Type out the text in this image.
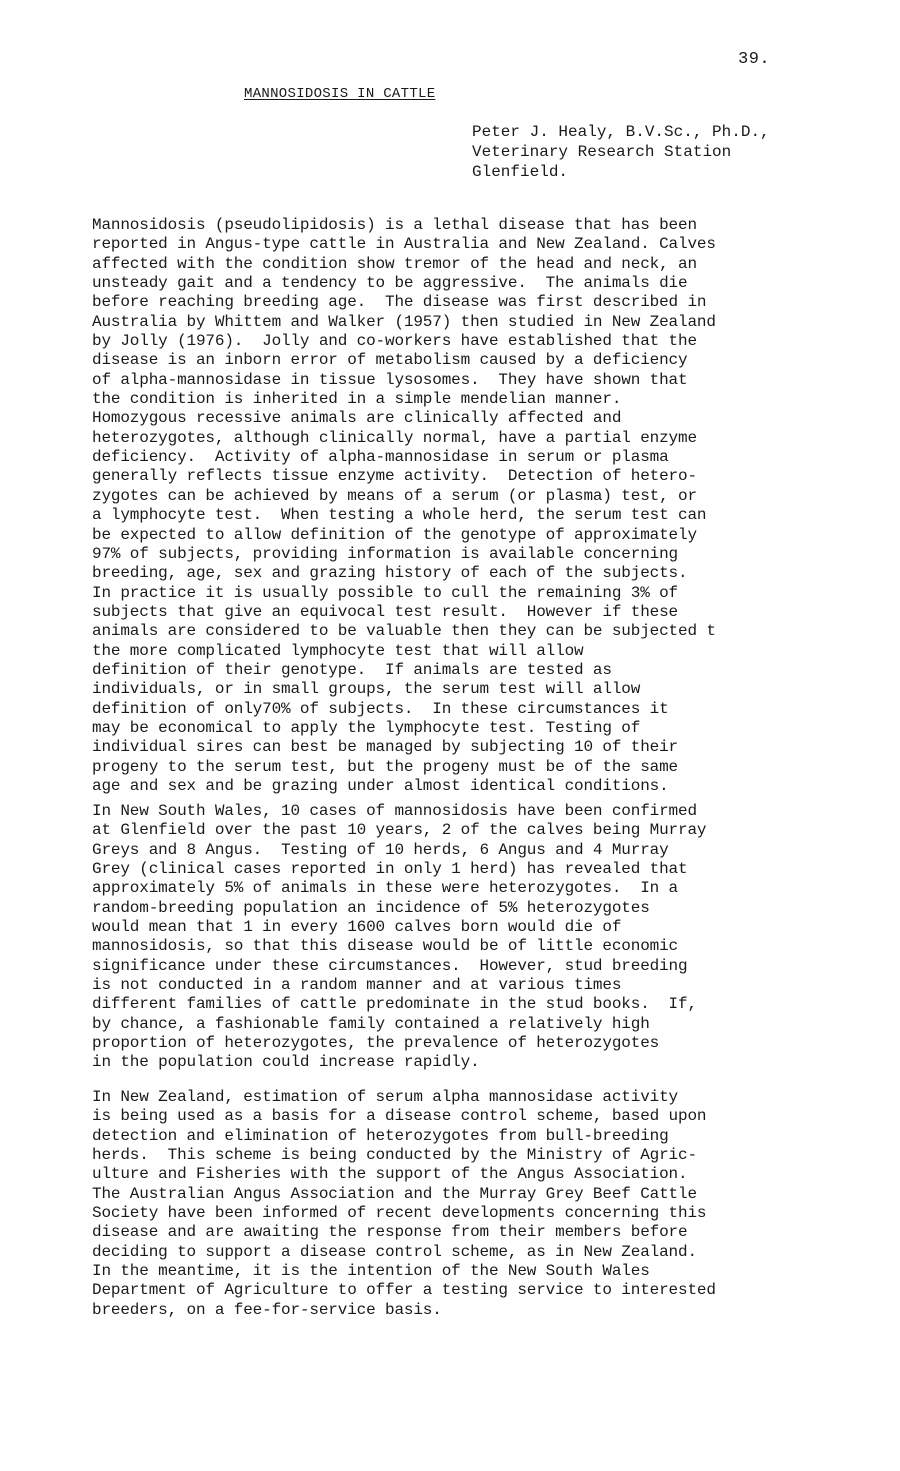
39.
MANNOSIDOSIS IN CATTLE
Peter J. Healy, B.V.Sc., Ph.D.,
Veterinary Research Station
Glenfield.
Mannosidosis (pseudolipidosis) is a lethal disease that has been
reported in Angus-type cattle in Australia and New Zealand. Calves
affected with the condition show tremor of the head and neck, an
unsteady gait and a tendency to be aggressive.  The animals die
before reaching breeding age.  The disease was first described in
Australia by Whittem and Walker (1957) then studied in New Zealand
by Jolly (1976).  Jolly and co-workers have established that the
disease is an inborn error of metabolism caused by a deficiency
of alpha-mannosidase in tissue lysosomes.  They have shown that
the condition is inherited in a simple mendelian manner.
Homozygous recessive animals are clinically affected and
heterozygotes, although clinically normal, have a partial enzyme
deficiency.  Activity of alpha-mannosidase in serum or plasma
generally reflects tissue enzyme activity.  Detection of hetero-
zygotes can be achieved by means of a serum (or plasma) test, or
a lymphocyte test.  When testing a whole herd, the serum test can
be expected to allow definition of the genotype of approximately
97% of subjects, providing information is available concerning
breeding, age, sex and grazing history of each of the subjects.
In practice it is usually possible to cull the remaining 3% of
subjects that give an equivocal test result.  However if these
animals are considered to be valuable then they can be subjected t
the more complicated lymphocyte test that will allow
definition of their genotype.  If animals are tested as
individuals, or in small groups, the serum test will allow
definition of only70% of subjects.  In these circumstances it
may be economical to apply the lymphocyte test. Testing of
individual sires can best be managed by subjecting 10 of their
progeny to the serum test, but the progeny must be of the same
age and sex and be grazing under almost identical conditions.
In New South Wales, 10 cases of mannosidosis have been confirmed
at Glenfield over the past 10 years, 2 of the calves being Murray
Greys and 8 Angus.  Testing of 10 herds, 6 Angus and 4 Murray
Grey (clinical cases reported in only 1 herd) has revealed that
approximately 5% of animals in these were heterozygotes.  In a
random-breeding population an incidence of 5% heterozygotes
would mean that 1 in every 1600 calves born would die of
mannosidosis, so that this disease would be of little economic
significance under these circumstances.  However, stud breeding
is not conducted in a random manner and at various times
different families of cattle predominate in the stud books.  If,
by chance, a fashionable family contained a relatively high
proportion of heterozygotes, the prevalence of heterozygotes
in the population could increase rapidly.
In New Zealand, estimation of serum alpha mannosidase activity
is being used as a basis for a disease control scheme, based upon
detection and elimination of heterozygotes from bull-breeding
herds.  This scheme is being conducted by the Ministry of Agric-
ulture and Fisheries with the support of the Angus Association.
The Australian Angus Association and the Murray Grey Beef Cattle
Society have been informed of recent developments concerning this
disease and are awaiting the response from their members before
deciding to support a disease control scheme, as in New Zealand.
In the meantime, it is the intention of the New South Wales
Department of Agriculture to offer a testing service to interested
breeders, on a fee-for-service basis.
